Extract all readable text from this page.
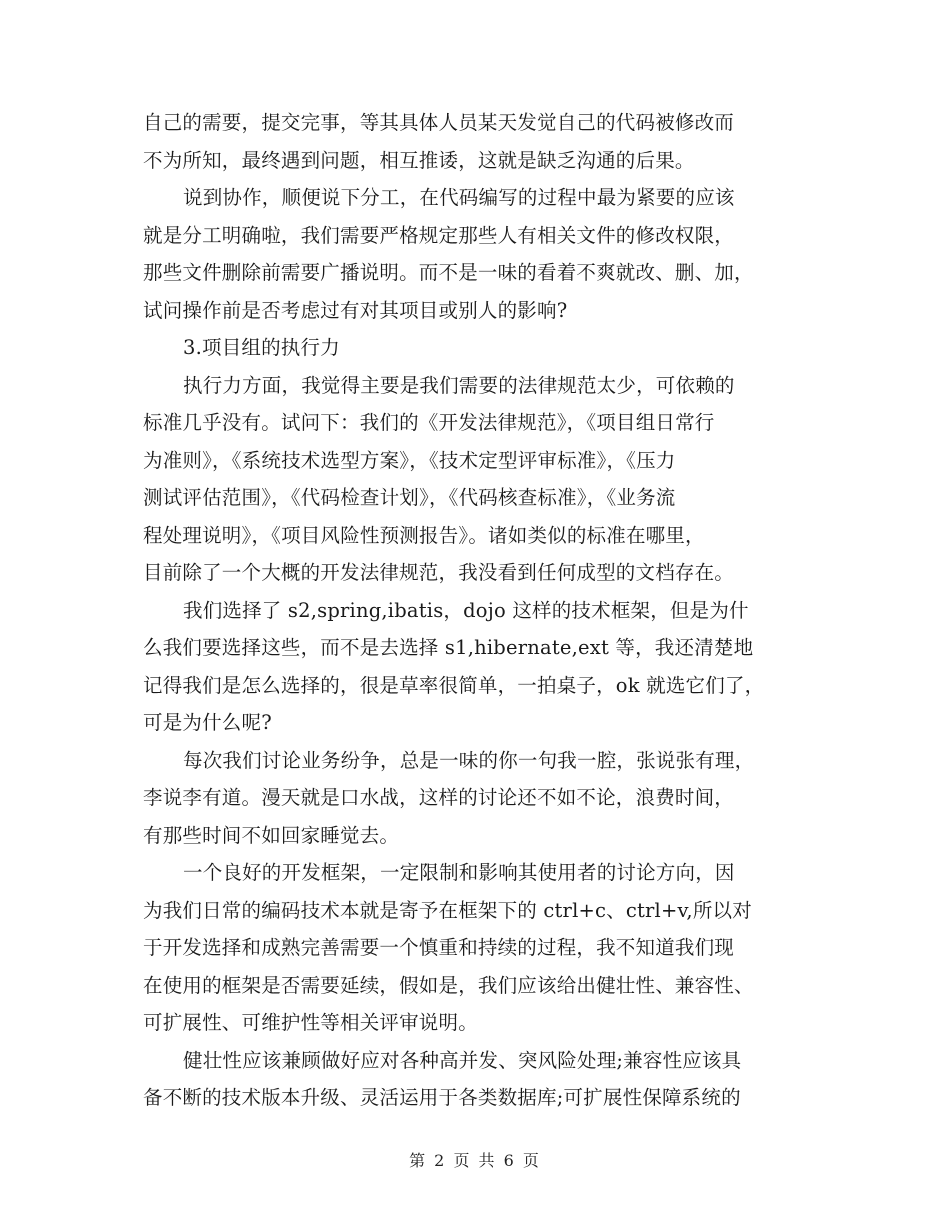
自己的需要，提交完事，等其具体人员某天发觉自己的代码被修改而
不为所知，最终遇到问题，相互推诿，这就是缺乏沟通的后果。
说到协作，顺便说下分工，在代码编写的过程中最为紧要的应该
就是分工明确啦，我们需要严格规定那些人有相关文件的修改权限，
那些文件删除前需要广播说明。而不是一味的看着不爽就改、删、加，
试问操作前是否考虑过有对其项目或别人的影响?
3.项目组的执行力
执行力方面，我觉得主要是我们需要的法律规范太少，可依赖的
标准几乎没有。试问下：我们的《开发法律规范》，《项目组日常行
为准则》，《系统技术选型方案》，《技术定型评审标准》，《压力
测试评估范围》，《代码检查计划》，《代码核查标准》，《业务流
程处理说明》，《项目风险性预测报告》。诸如类似的标准在哪里，
目前除了一个大概的开发法律规范，我没看到任何成型的文档存在。
我们选择了 s2,spring,ibatis，dojo 这样的技术框架，但是为什
么我们要选择这些，而不是去选择 s1,hibernate,ext 等，我还清楚地
记得我们是怎么选择的，很是草率很简单，一拍桌子，ok 就选它们了，
可是为什么呢?
每次我们讨论业务纷争，总是一味的你一句我一腔，张说张有理，
李说李有道。漫天就是口水战，这样的讨论还不如不论，浪费时间，
有那些时间不如回家睡觉去。
一个良好的开发框架，一定限制和影响其使用者的讨论方向，因
为我们日常的编码技术本就是寄予在框架下的 ctrl+c、ctrl+v,所以对
于开发选择和成熟完善需要一个慎重和持续的过程，我不知道我们现
在使用的框架是否需要延续，假如是，我们应该给出健壮性、兼容性、
可扩展性、可维护性等相关评审说明。
健壮性应该兼顾做好应对各种高并发、突风险处理;兼容性应该具
备不断的技术版本升级、灵活运用于各类数据库;可扩展性保障系统的
第 2 页 共 6 页
